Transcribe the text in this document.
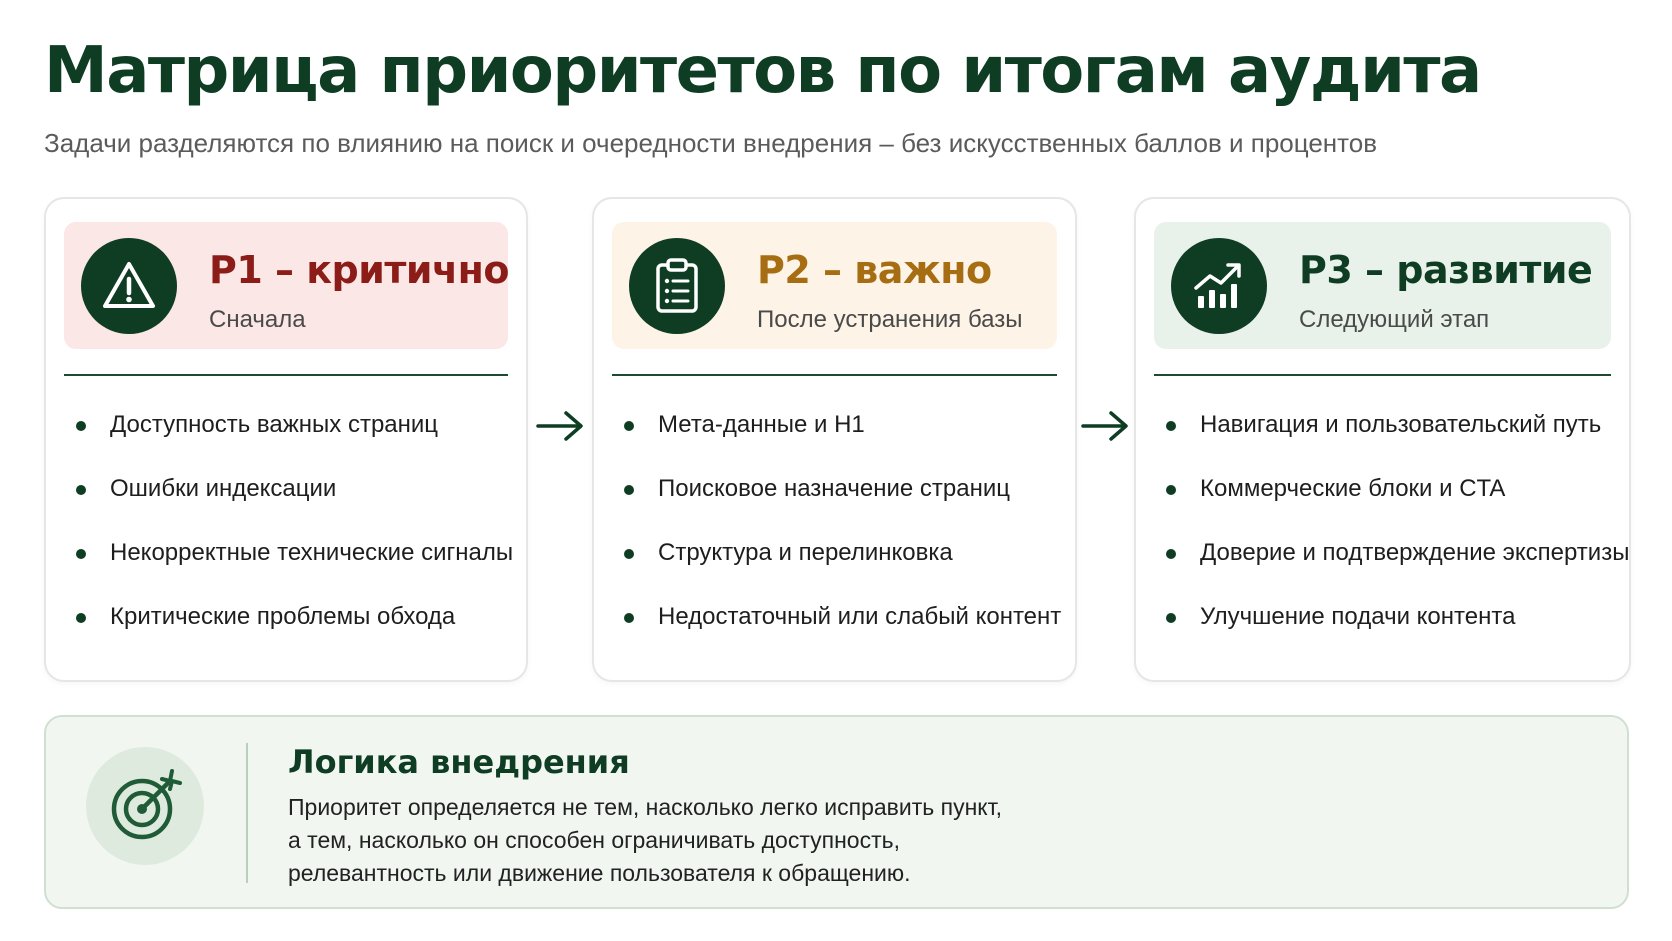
Матрица приоритетов по итогам аудита
Задачи разделяются по влиянию на поиск и очередности внедрения – без искусственных баллов и процентов
P1 – критично
Сначала
Доступность важных страниц
Ошибки индексации
Некорректные технические сигналы
Критические проблемы обхода
P2 – важно
После устранения базы
Мета-данные и H1
Поисковое назначение страниц
Структура и перелинковка
Недостаточный или слабый контент
P3 – развитие
Следующий этап
Навигация и пользовательский путь
Коммерческие блоки и CTA
Доверие и подтверждение экспертизы
Улучшение подачи контента
Логика внедрения
Приоритет определяется не тем, насколько легко исправить пункт,
а тем, насколько он способен ограничивать доступность,
релевантность или движение пользователя к обращению.
